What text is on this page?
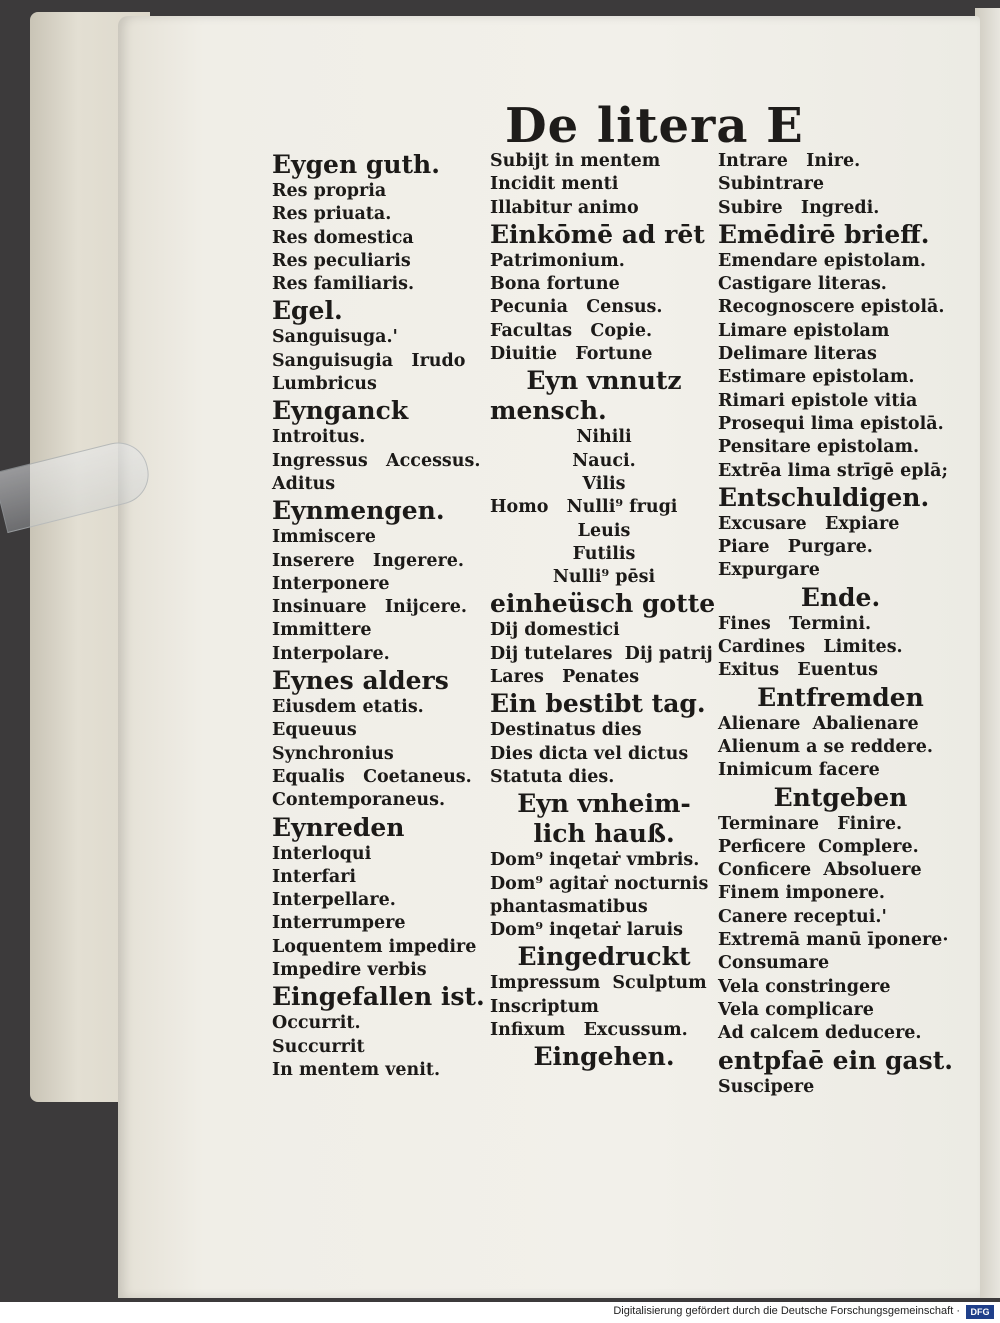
De litera E
Eygen guth.
Res propria
Res priuata.
Res domestica
Res peculiaris
Res familiaris.
Egel.
Sanguisuga.'
Sanguisugia   Irudo
Lumbricus
Eynganck
Introitus.
Ingressus   Accessus.
Aditus
Eynmengen.
Immiscere
Inserere   Ingerere.
Interponere
Insinuare   Inijcere.
Immittere
Interpolare.
Eynes alders
Eiusdem etatis.
Equeuus
Synchronius
Equalis   Coetaneus.
Contemporaneus.
Eynreden
Interloqui
Interfari
Interpellare.
Interrumpere
Loquentem impedire
Impedire verbis
Eingefallen ist.
Occurrit.
Succurrit
In mentem venit.
Subijt in mentem
Incidit menti
Illabitur animo
Einkōmē ad rēt
Patrimonium.
Bona fortune
Pecunia   Census.
Facultas   Copie.
Diuitie   Fortune
Eyn vnnutz
mensch.
Nihili
Nauci.
Vilis
Homo   Nulli⁹ frugi
Leuis
Futilis
Nulli⁹ pēsi
einheüsch gotte
Dij domestici
Dij tutelares  Dij patrij
Lares   Penates
Ein bestibt tag.
Destinatus dies
Dies dicta vel dictus
Statuta dies.
Eyn vnheim-
lich hauß.
Dom⁹ inqetaṙ vmbris.
Dom⁹ agitaṙ nocturnis
phantasmatibus
Dom⁹ inqetaṙ laruis
Eingedruckt
Impressum  Sculptum
Inscriptum
Infixum   Excussum.
Eingehen.
Intrare   Inire.
Subintrare
Subire   Ingredi.
Emēdirē brieff.
Emendare epistolam.
Castigare literas.
Recognoscere epistolā.
Limare epistolam
Delimare literas
Estimare epistolam.
Rimari epistole vitia
Prosequi lima epistolā.
Pensitare epistolam.
Extrēa lima strīgē eplā;
Entschuldigen.
Excusare   Expiare
Piare   Purgare.
Expurgare
Ende.
Fines   Termini.
Cardines   Limites.
Exitus   Euentus
Entfremden
Alienare  Abalienare
Alienum a se reddere.
Inimicum facere
Entgeben
Terminare   Finire.
Perficere  Complere.
Conficere  Absoluere
Finem imponere.
Canere receptui.'
Extremā manū īponere·
Consumare
Vela constringere
Vela complicare
Ad calcem deducere.
entpfaē ein gast.
Suscipere
Digitalisierung gefördert durch die Deutsche Forschungsgemeinschaft ·	DFG
